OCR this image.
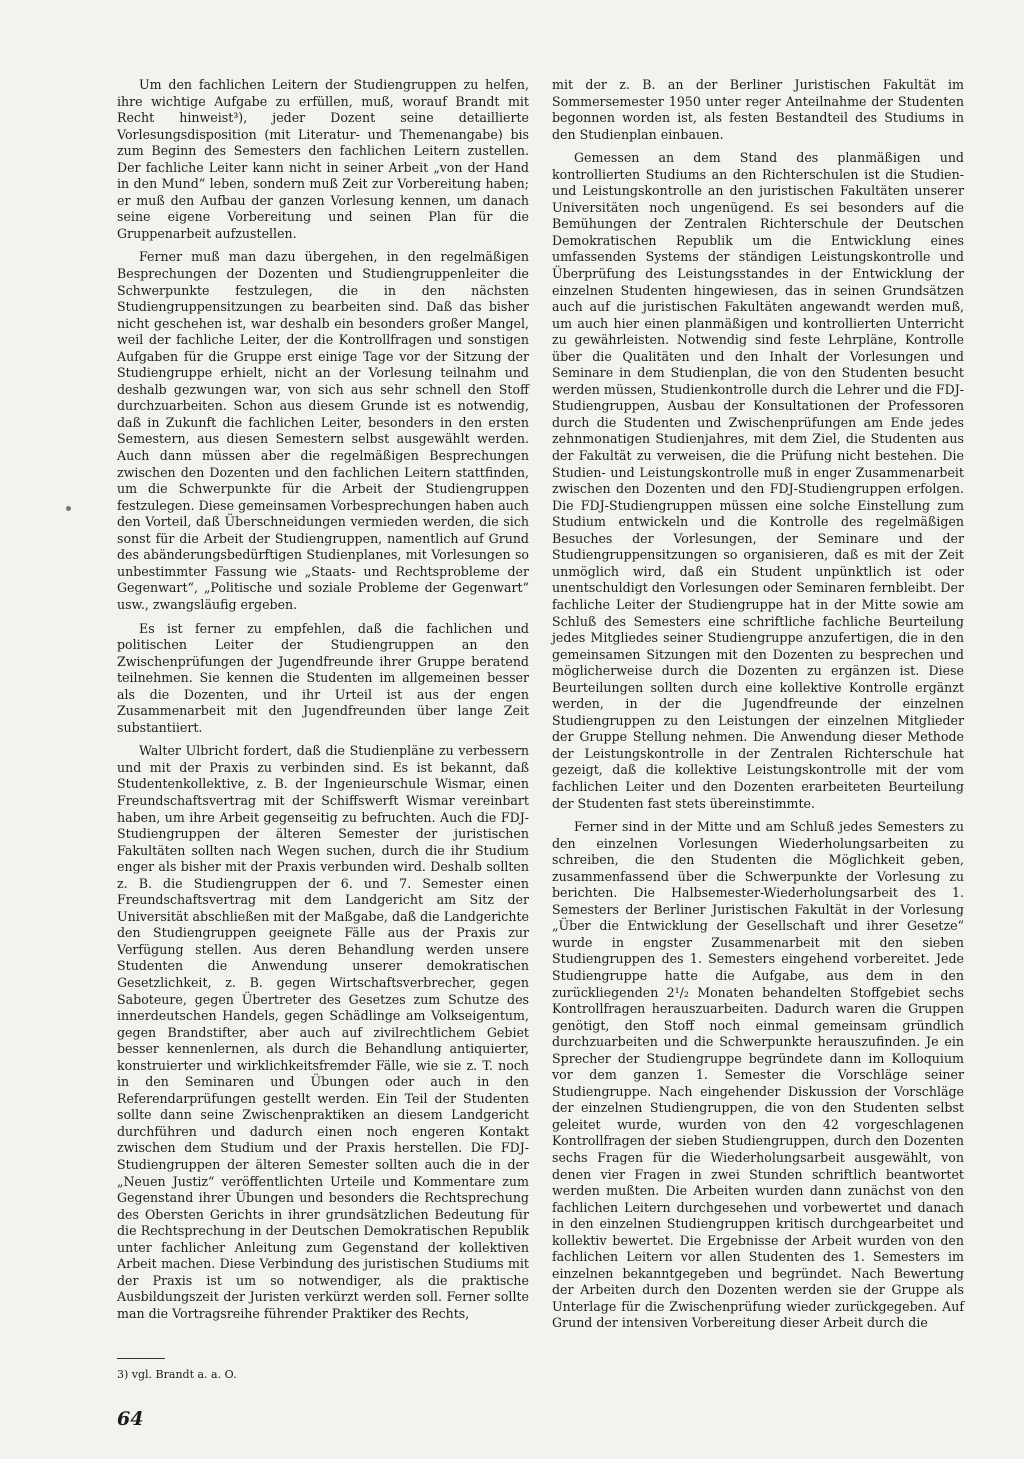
Um den fachlichen Leitern der Studiengruppen zu helfen, ihre wichtige Aufgabe zu erfüllen, muß, worauf Brandt mit Recht hinweist³), jeder Dozent seine detaillierte Vorlesungsdisposition (mit Literatur- und Themenangabe) bis zum Beginn des Semesters den fachlichen Leitern zustellen. Der fachliche Leiter kann nicht in seiner Arbeit „von der Hand in den Mund“ leben, sondern muß Zeit zur Vorbereitung haben; er muß den Aufbau der ganzen Vorlesung kennen, um danach seine eigene Vorbereitung und seinen Plan für die Gruppenarbeit aufzustellen.

Ferner muß man dazu übergehen, in den regelmäßigen Besprechungen der Dozenten und Studiengruppenleiter die Schwerpunkte festzulegen, die in den nächsten Studiengruppensitzungen zu bearbeiten sind. Daß das bisher nicht geschehen ist, war deshalb ein besonders großer Mangel, weil der fachliche Leiter, der die Kontrollfragen und sonstigen Aufgaben für die Gruppe erst einige Tage vor der Sitzung der Studiengruppe erhielt, nicht an der Vorlesung teilnahm und deshalb gezwungen war, von sich aus sehr schnell den Stoff durchzuarbeiten. Schon aus diesem Grunde ist es notwendig, daß in Zukunft die fachlichen Leiter, besonders in den ersten Semestern, aus diesen Semestern selbst ausgewählt werden. Auch dann müssen aber die regelmäßigen Besprechungen zwischen den Dozenten und den fachlichen Leitern stattfinden, um die Schwerpunkte für die Arbeit der Studiengruppen festzulegen. Diese gemeinsamen Vorbesprechungen haben auch den Vorteil, daß Überschneidungen vermieden werden, die sich sonst für die Arbeit der Studiengruppen, namentlich auf Grund des abänderungsbedürftigen Studienplanes, mit Vorlesungen so unbestimmter Fassung wie „Staats- und Rechtsprobleme der Gegenwart“, „Politische und soziale Probleme der Gegenwart“ usw., zwangsläufig ergeben.

Es ist ferner zu empfehlen, daß die fachlichen und politischen Leiter der Studiengruppen an den Zwischenprüfungen der Jugendfreunde ihrer Gruppe beratend teilnehmen. Sie kennen die Studenten im allgemeinen besser als die Dozenten, und ihr Urteil ist aus der engen Zusammenarbeit mit den Jugendfreunden über lange Zeit substantiiert.

Walter Ulbricht fordert, daß die Studienpläne zu verbessern und mit der Praxis zu verbinden sind. Es ist bekannt, daß Studentenkollektive, z. B. der Ingenieurschule Wismar, einen Freundschaftsvertrag mit der Schiffswerft Wismar vereinbart haben, um ihre Arbeit gegenseitig zu befruchten. Auch die FDJ-Studiengruppen der älteren Semester der juristischen Fakultäten sollten nach Wegen suchen, durch die ihr Studium enger als bisher mit der Praxis verbunden wird. Deshalb sollten z. B. die Studiengruppen der 6. und 7. Semester einen Freundschaftsvertrag mit dem Landgericht am Sitz der Universität abschließen mit der Maßgabe, daß die Landgerichte den Studiengruppen geeignete Fälle aus der Praxis zur Verfügung stellen. Aus deren Behandlung werden unsere Studenten die Anwendung unserer demokratischen Gesetzlichkeit, z. B. gegen Wirtschaftsverbrecher, gegen Saboteure, gegen Übertreter des Gesetzes zum Schutze des innerdeutschen Handels, gegen Schädlinge am Volkseigentum, gegen Brandstifter, aber auch auf zivilrechtlichem Gebiet besser kennenlernen, als durch die Behandlung antiquierter, konstruierter und wirklichkeitsfremder Fälle, wie sie z. T. noch in den Seminaren und Übungen oder auch in den Referendarprüfungen gestellt werden. Ein Teil der Studenten sollte dann seine Zwischenpraktiken an diesem Landgericht durchführen und dadurch einen noch engeren Kontakt zwischen dem Studium und der Praxis herstellen. Die FDJ-Studiengruppen der älteren Semester sollten auch die in der „Neuen Justiz“ veröffentlichten Urteile und Kommentare zum Gegenstand ihrer Übungen und besonders die Rechtsprechung des Obersten Gerichts in ihrer grundsätzlichen Bedeutung für die Rechtsprechung in der Deutschen Demokratischen Republik unter fachlicher Anleitung zum Gegenstand der kollektiven Arbeit machen. Diese Verbindung des juristischen Studiums mit der Praxis ist um so notwendiger, als die praktische Ausbildungszeit der Juristen verkürzt werden soll. Ferner sollte man die Vortragsreihe führender Praktiker des Rechts,

mit der z. B. an der Berliner Juristischen Fakultät im Sommersemester 1950 unter reger Anteilnahme der Studenten begonnen worden ist, als festen Bestandteil des Studiums in den Studienplan einbauen.

Gemessen an dem Stand des planmäßigen und kontrollierten Studiums an den Richterschulen ist die Studien- und Leistungskontrolle an den juristischen Fakultäten unserer Universitäten noch ungenügend. Es sei besonders auf die Bemühungen der Zentralen Richterschule der Deutschen Demokratischen Republik um die Entwicklung eines umfassenden Systems der ständigen Leistungskontrolle und Überprüfung des Leistungsstandes in der Entwicklung der einzelnen Studenten hingewiesen, das in seinen Grundsätzen auch auf die juristischen Fakultäten angewandt werden muß, um auch hier einen planmäßigen und kontrollierten Unterricht zu gewährleisten. Notwendig sind feste Lehrpläne, Kontrolle über die Qualitäten und den Inhalt der Vorlesungen und Seminare in dem Studienplan, die von den Studenten besucht werden müssen, Studienkontrolle durch die Lehrer und die FDJ-Studiengruppen, Ausbau der Konsultationen der Professoren durch die Studenten und Zwischenprüfungen am Ende jedes zehnmonatigen Studienjahres, mit dem Ziel, die Studenten aus der Fakultät zu verweisen, die die Prüfung nicht bestehen. Die Studien- und Leistungskontrolle muß in enger Zusammenarbeit zwischen den Dozenten und den FDJ-Studiengruppen erfolgen. Die FDJ-Studiengruppen müssen eine solche Einstellung zum Studium entwickeln und die Kontrolle des regelmäßigen Besuches der Vorlesungen, der Seminare und der Studiengruppensitzungen so organisieren, daß es mit der Zeit unmöglich wird, daß ein Student unpünktlich ist oder unentschuldigt den Vorlesungen oder Seminaren fernbleibt. Der fachliche Leiter der Studiengruppe hat in der Mitte sowie am Schluß des Semesters eine schriftliche fachliche Beurteilung jedes Mitgliedes seiner Studiengruppe anzufertigen, die in den gemeinsamen Sitzungen mit den Dozenten zu besprechen und möglicherweise durch die Dozenten zu ergänzen ist. Diese Beurteilungen sollten durch eine kollektive Kontrolle ergänzt werden, in der die Jugendfreunde der einzelnen Studiengruppen zu den Leistungen der einzelnen Mitglieder der Gruppe Stellung nehmen. Die Anwendung dieser Methode der Leistungskontrolle in der Zentralen Richterschule hat gezeigt, daß die kollektive Leistungskontrolle mit der vom fachlichen Leiter und den Dozenten erarbeiteten Beurteilung der Studenten fast stets übereinstimmte.

Ferner sind in der Mitte und am Schluß jedes Semesters zu den einzelnen Vorlesungen Wiederholungsarbeiten zu schreiben, die den Studenten die Möglichkeit geben, zusammenfassend über die Schwerpunkte der Vorlesung zu berichten. Die Halbsemester-Wiederholungsarbeit des 1. Semesters der Berliner Juristischen Fakultät in der Vorlesung „Über die Entwicklung der Gesellschaft und ihrer Gesetze“ wurde in engster Zusammenarbeit mit den sieben Studiengruppen des 1. Semesters eingehend vorbereitet. Jede Studiengruppe hatte die Aufgabe, aus dem in den zurückliegenden 2¹/₂ Monaten behandelten Stoffgebiet sechs Kontrollfragen herauszuarbeiten. Dadurch waren die Gruppen genötigt, den Stoff noch einmal gemeinsam gründlich durchzuarbeiten und die Schwerpunkte herauszufinden. Je ein Sprecher der Studiengruppe begründete dann im Kolloquium vor dem ganzen 1. Semester die Vorschläge seiner Studiengruppe. Nach eingehender Diskussion der Vorschläge der einzelnen Studiengruppen, die von den Studenten selbst geleitet wurde, wurden von den 42 vorgeschlagenen Kontrollfragen der sieben Studiengruppen, durch den Dozenten sechs Fragen für die Wiederholungsarbeit ausgewählt, von denen vier Fragen in zwei Stunden schriftlich beantwortet werden mußten. Die Arbeiten wurden dann zunächst von den fachlichen Leitern durchgesehen und vorbewertet und danach in den einzelnen Studiengruppen kritisch durchgearbeitet und kollektiv bewertet. Die Ergebnisse der Arbeit wurden von den fachlichen Leitern vor allen Studenten des 1. Semesters im einzelnen bekanntgegeben und begründet. Nach Bewertung der Arbeiten durch den Dozenten werden sie der Gruppe als Unterlage für die Zwischenprüfung wieder zurückgegeben. Auf Grund der intensiven Vorbereitung dieser Arbeit durch die

3) vgl. Brandt a. a. O.
64
